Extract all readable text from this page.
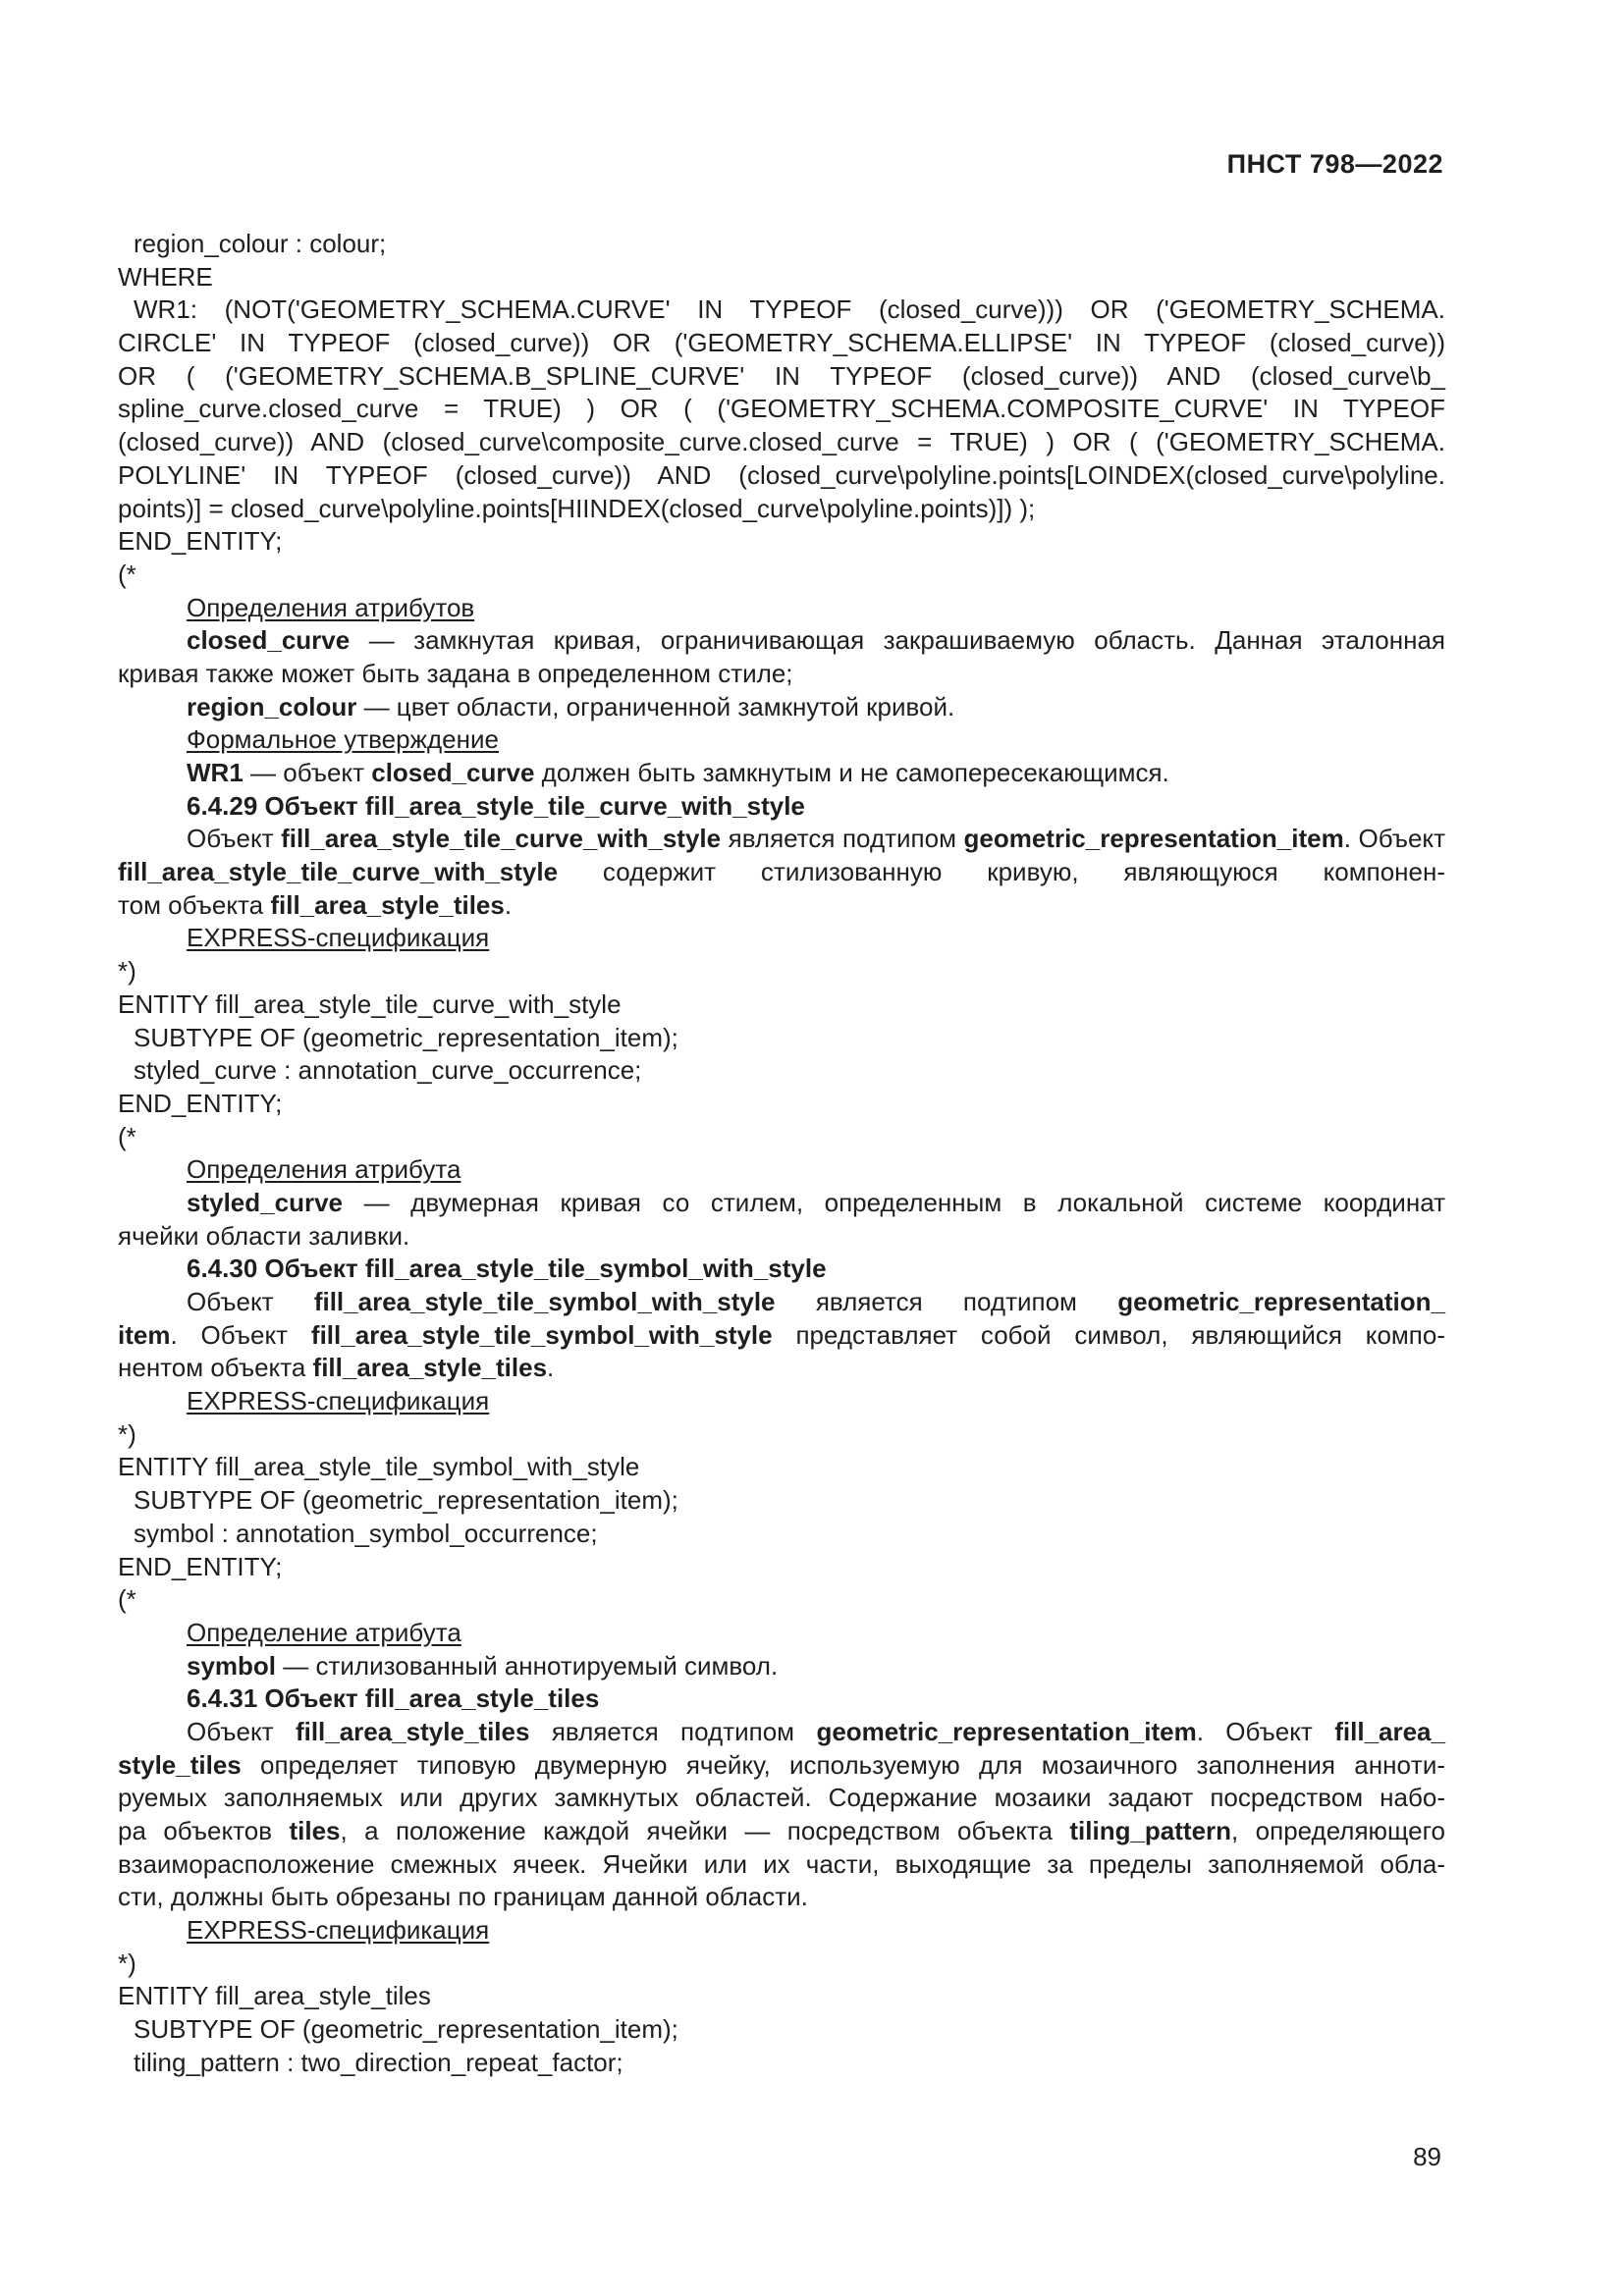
ПНСТ 798—2022
region_colour : colour;
WHERE
WR1: (NOT('GEOMETRY_SCHEMA.CURVE' IN TYPEOF (closed_curve))) OR ('GEOMETRY_SCHEMA.
CIRCLE' IN TYPEOF (closed_curve)) OR ('GEOMETRY_SCHEMA.ELLIPSE' IN TYPEOF (closed_curve))
OR ( ('GEOMETRY_SCHEMA.B_SPLINE_CURVE' IN TYPEOF (closed_curve)) AND (closed_curve\b_
spline_curve.closed_curve = TRUE) ) OR ( ('GEOMETRY_SCHEMA.COMPOSITE_CURVE' IN TYPEOF
(closed_curve)) AND (closed_curve\composite_curve.closed_curve = TRUE) ) OR ( ('GEOMETRY_SCHEMA.
POLYLINE' IN TYPEOF (closed_curve)) AND (closed_curve\polyline.points[LOINDEX(closed_curve\polyline.
points)] = closed_curve\polyline.points[HIINDEX(closed_curve\polyline.points)]) );
END_ENTITY;
(*
Определения атрибутов
closed_curve — замкнутая кривая, ограничивающая закрашиваемую область. Данная эталонная
кривая также может быть задана в определенном стиле;
region_colour — цвет области, ограниченной замкнутой кривой.
Формальное утверждение
WR1 — объект closed_curve должен быть замкнутым и не самопересекающимся.
6.4.29 Объект fill_area_style_tile_curve_with_style
Объект fill_area_style_tile_curve_with_style является подтипом geometric_representation_item. Объект
fill_area_style_tile_curve_with_style содержит стилизованную кривую, являющуюся компонен-
том объекта fill_area_style_tiles.
EXPRESS-спецификация
*)
ENTITY fill_area_style_tile_curve_with_style
SUBTYPE OF (geometric_representation_item);
styled_curve : annotation_curve_occurrence;
END_ENTITY;
(*
Определения атрибута
styled_curve — двумерная кривая со стилем, определенным в локальной системе координат
ячейки области заливки.
6.4.30 Объект fill_area_style_tile_symbol_with_style
Объект fill_area_style_tile_symbol_with_style является подтипом geometric_representation_
item. Объект fill_area_style_tile_symbol_with_style представляет собой символ, являющийся компо-
нентом объекта fill_area_style_tiles.
EXPRESS-спецификация
*)
ENTITY fill_area_style_tile_symbol_with_style
SUBTYPE OF (geometric_representation_item);
symbol : annotation_symbol_occurrence;
END_ENTITY;
(*
Определение атрибута
symbol — стилизованный аннотируемый символ.
6.4.31 Объект fill_area_style_tiles
Объект fill_area_style_tiles является подтипом geometric_representation_item. Объект fill_area_
style_tiles определяет типовую двумерную ячейку, используемую для мозаичного заполнения аннoти-
руемых заполняемых или других замкнутых областей. Содержание мозаики задают посредством набо-
ра объектов tiles, а положение каждой ячейки — посредством объекта tiling_pattern, определяющего
взаиморасположение смежных ячеек. Ячейки или их части, выходящие за пределы заполняемой обла-
сти, должны быть обрезаны по границам данной области.
EXPRESS-спецификация
*)
ENTITY fill_area_style_tiles
SUBTYPE OF (geometric_representation_item);
tiling_pattern : two_direction_repeat_factor;
89
